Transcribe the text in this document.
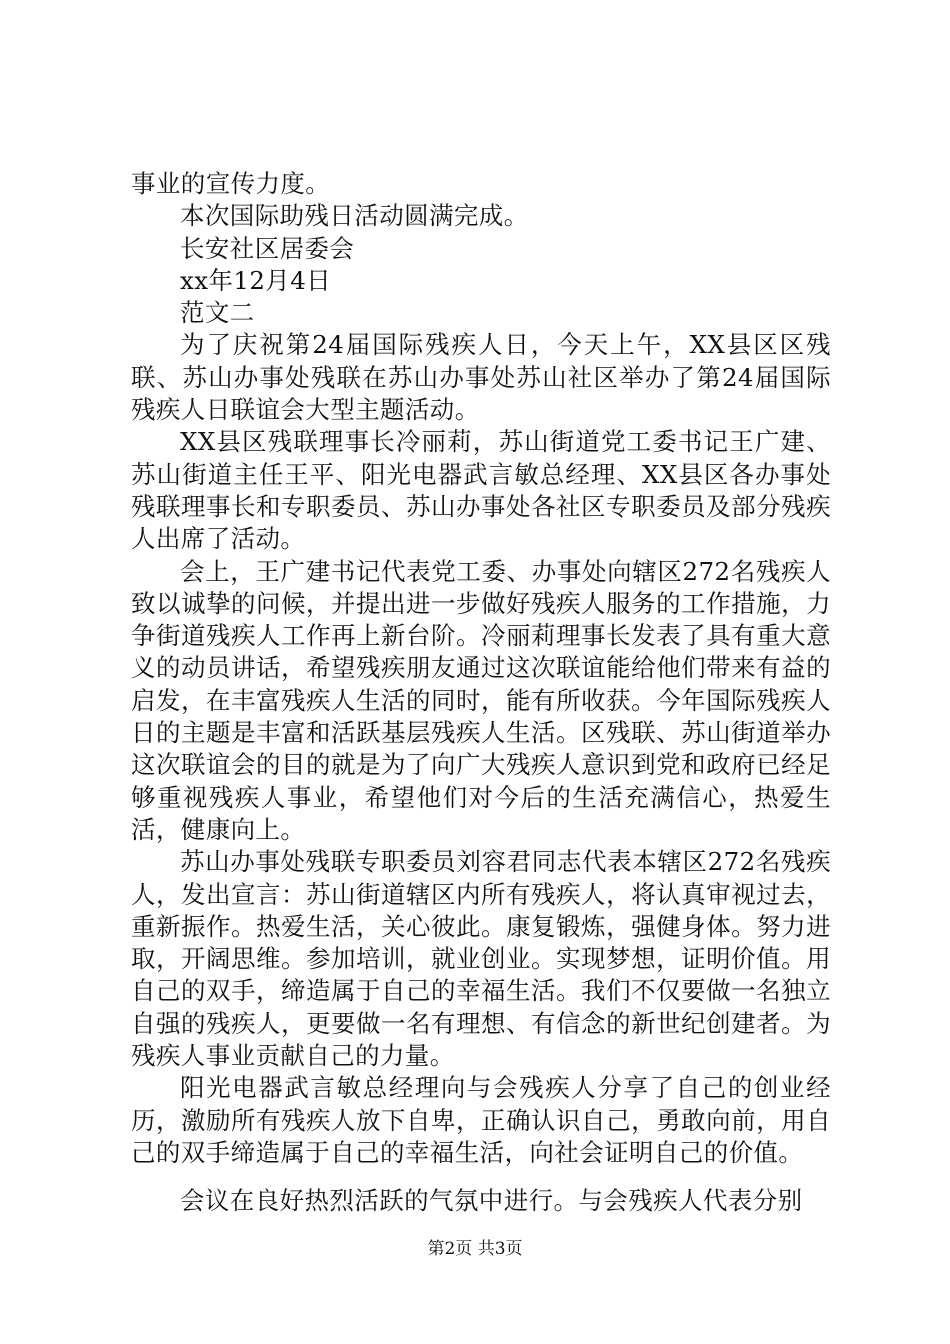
事业的宣传力度。

本次国际助残日活动圆满完成。

长安社区居委会

xx年12月4日

范文二

为了庆祝第24届国际残疾人日，今天上午，XX县区区残联、苏山办事处残联在苏山办事处苏山社区举办了第24届国际残疾人日联谊会大型主题活动。

XX县区残联理事长冷丽莉，苏山街道党工委书记王广建、苏山街道主任王平、阳光电器武言敏总经理、XX县区各办事处残联理事长和专职委员、苏山办事处各社区专职委员及部分残疾人出席了活动。

会上，王广建书记代表党工委、办事处向辖区272名残疾人致以诚挚的问候，并提出进一步做好残疾人服务的工作措施，力争街道残疾人工作再上新台阶。冷丽莉理事长发表了具有重大意义的动员讲话，希望残疾朋友通过这次联谊能给他们带来有益的启发，在丰富残疾人生活的同时，能有所收获。今年国际残疾人日的主题是丰富和活跃基层残疾人生活。区残联、苏山街道举办这次联谊会的目的就是为了向广大残疾人意识到党和政府已经足够重视残疾人事业，希望他们对今后的生活充满信心，热爱生活，健康向上。

苏山办事处残联专职委员刘容君同志代表本辖区272名残疾人，发出宣言：苏山街道辖区内所有残疾人，将认真审视过去，重新振作。热爱生活，关心彼此。康复锻炼，强健身体。努力进取，开阔思维。参加培训，就业创业。实现梦想，证明价值。用自己的双手，缔造属于自己的幸福生活。我们不仅要做一名独立自强的残疾人，更要做一名有理想、有信念的新世纪创建者。为残疾人事业贡献自己的力量。

阳光电器武言敏总经理向与会残疾人分享了自己的创业经历，激励所有残疾人放下自卑，正确认识自己，勇敢向前，用自己的双手缔造属于自己的幸福生活，向社会证明自己的价值。

会议在良好热烈活跃的气氛中进行。与会残疾人代表分别

第2页 共3页
